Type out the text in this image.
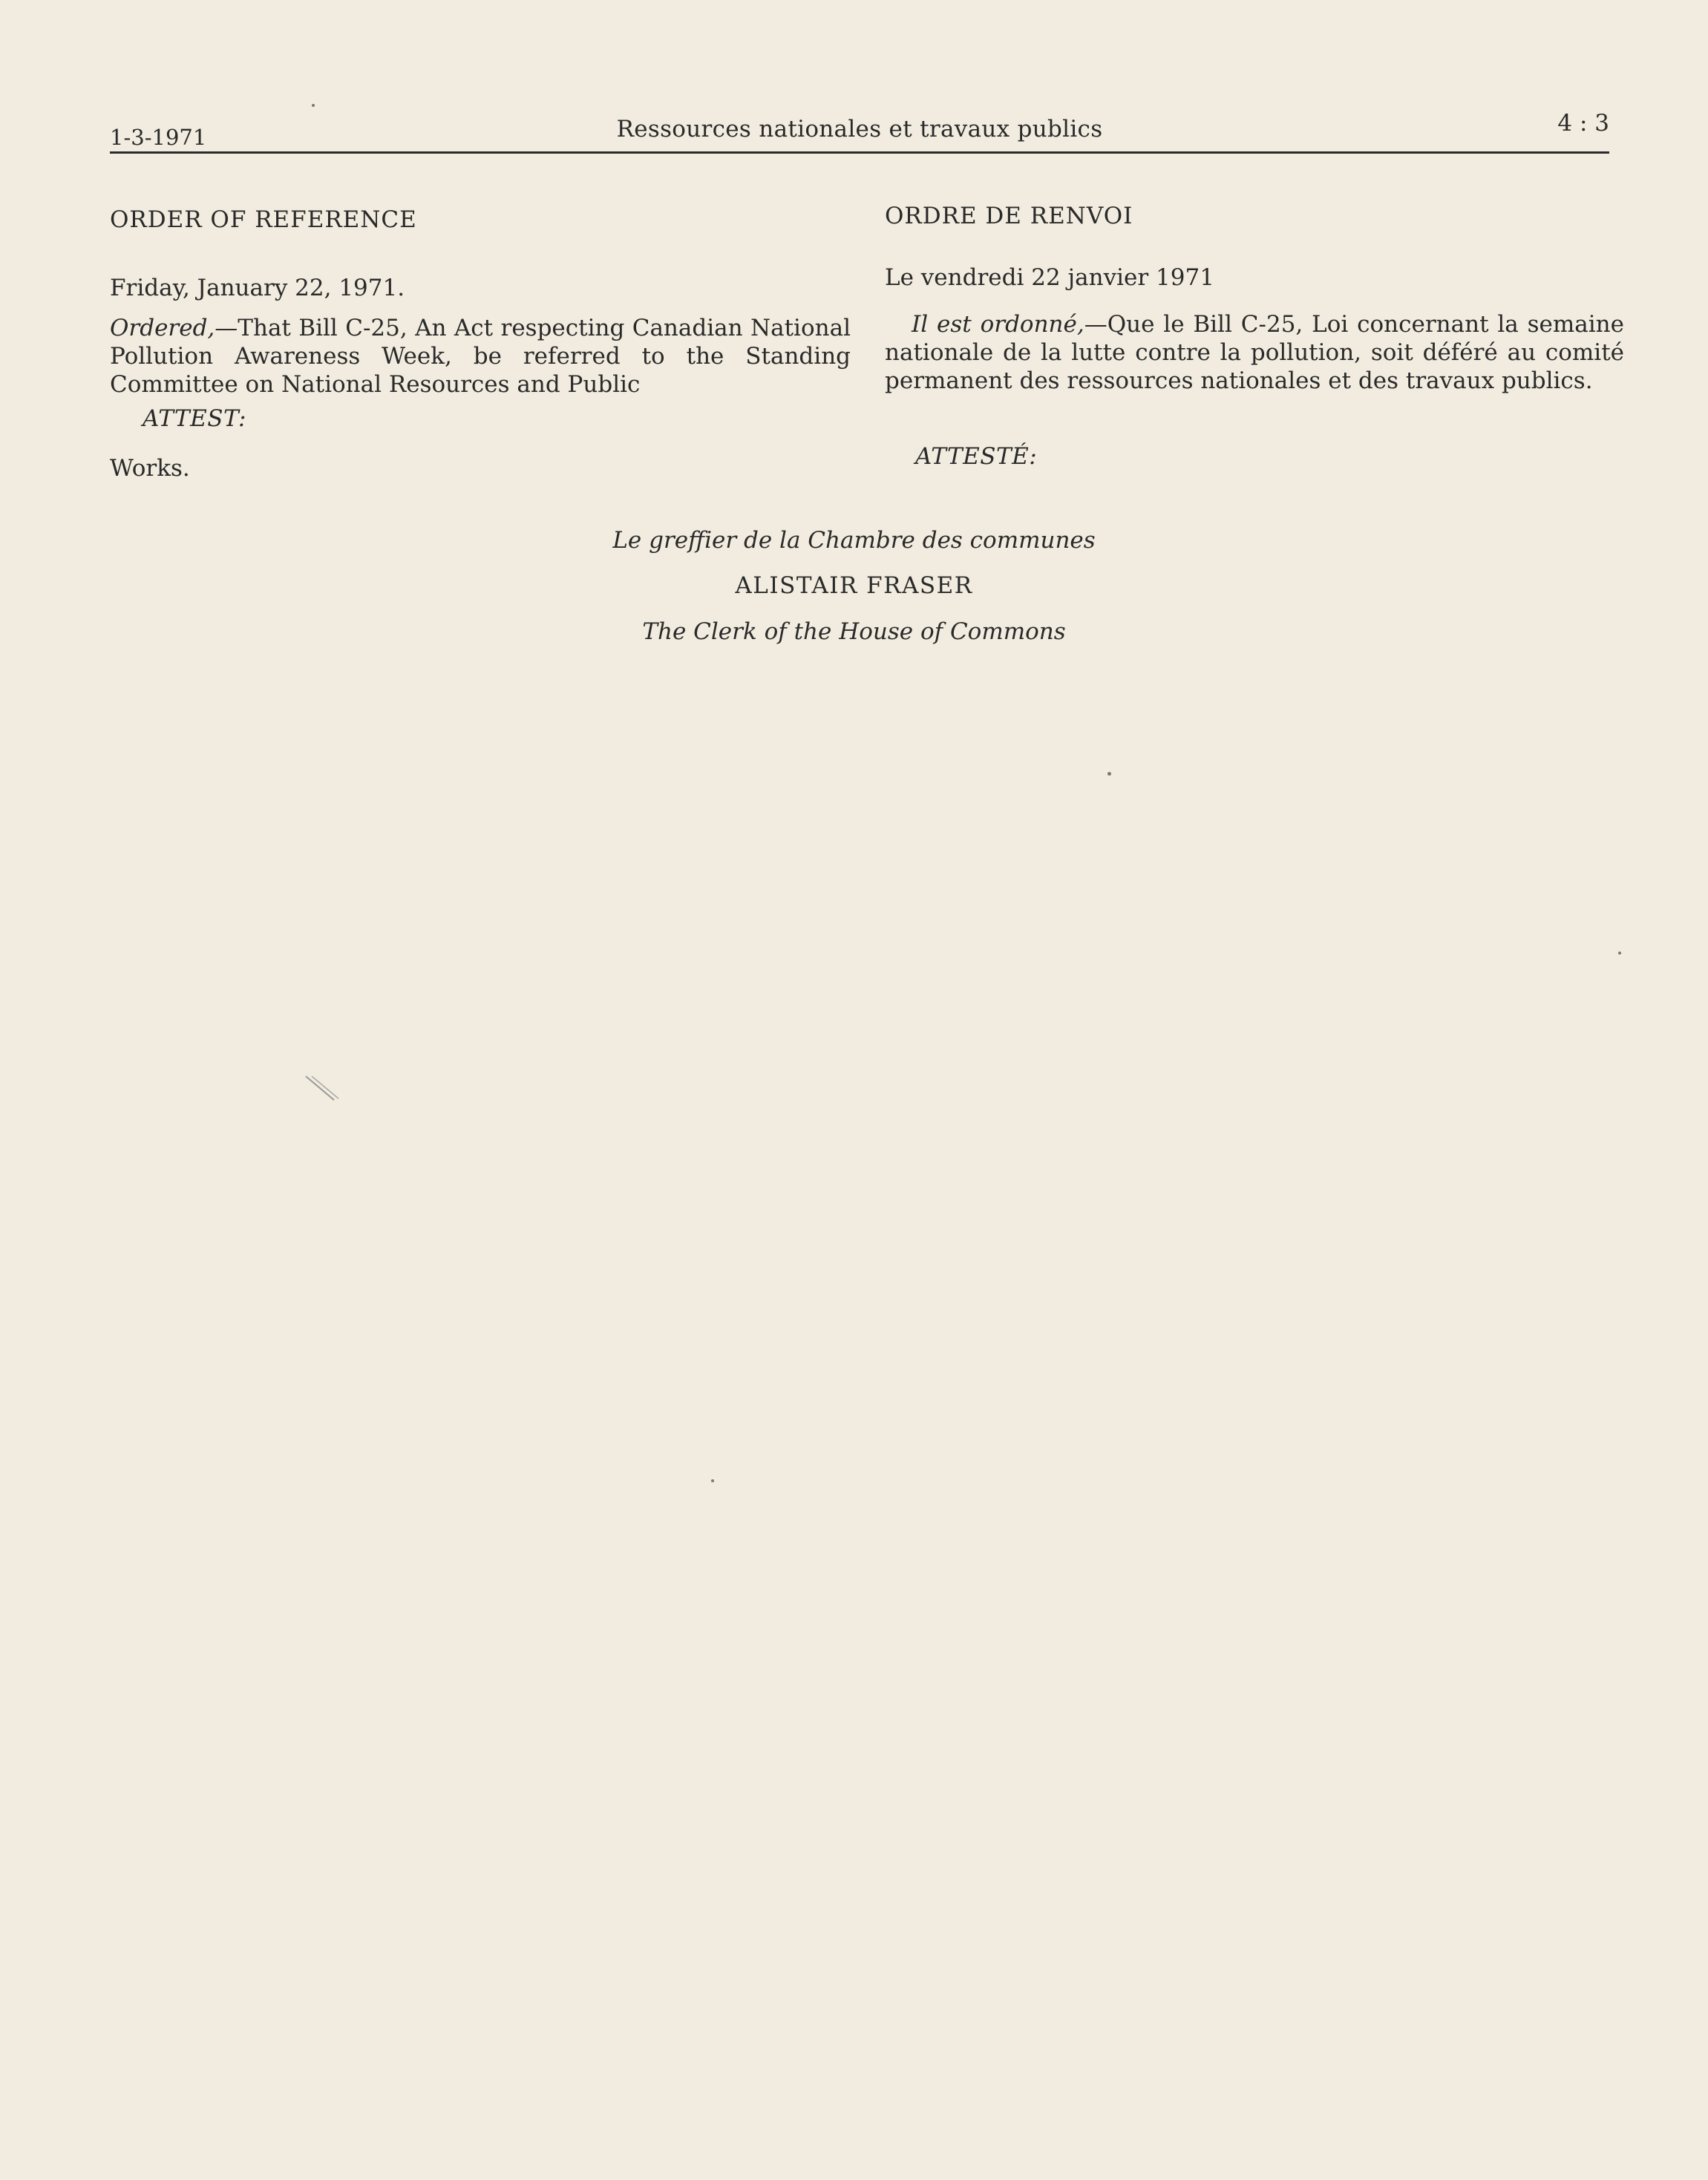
1-3-1971	Ressources nationales et travaux publics	4 : 3
ORDER OF REFERENCE
Friday, January 22, 1971.
Ordered,—That Bill C-25, An Act respecting Canadian National Pollution Awareness Week, be referred to the Standing Committee on National Resources and Public
ATTEST:
Works.
ORDRE DE RENVOI
Le vendredi 22 janvier 1971
Il est ordonné,—Que le Bill C-25, Loi concernant la semaine nationale de la lutte contre la pollution, soit déféré au comité permanent des ressources nationales et des travaux publics.
ATTESTÉ:
Le greffier de la Chambre des communes
ALISTAIR FRASER
The Clerk of the House of Commons
